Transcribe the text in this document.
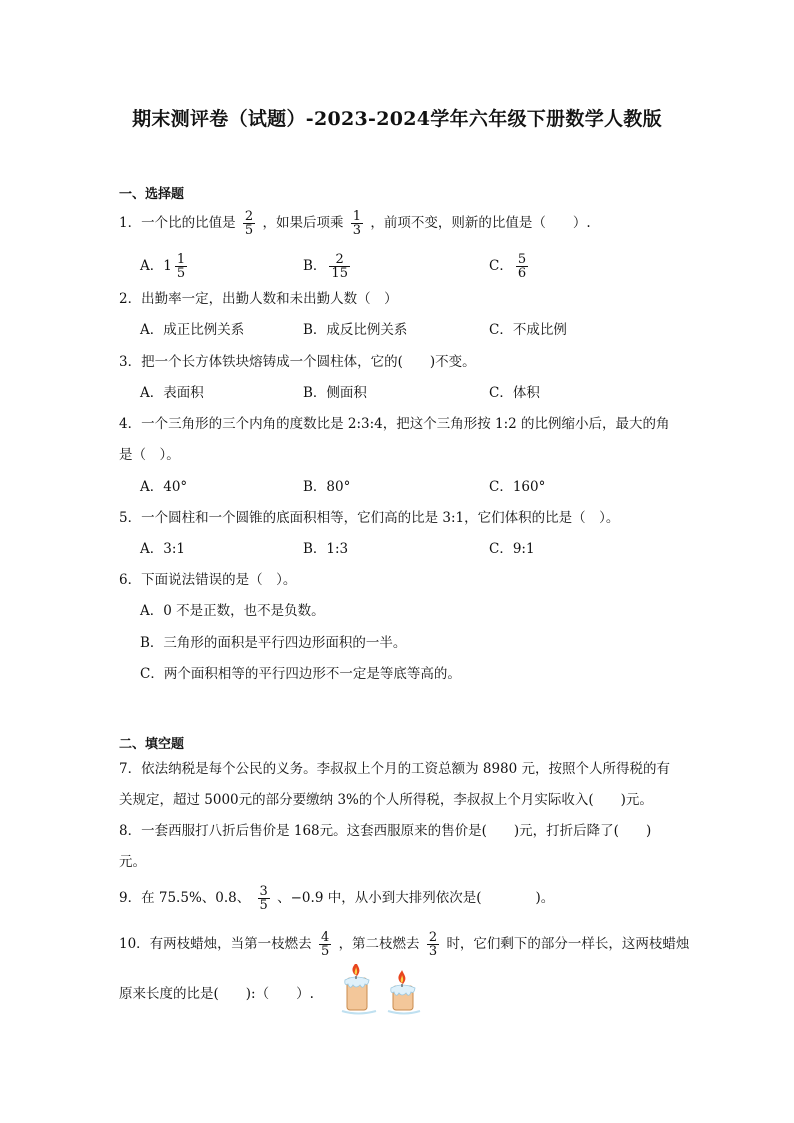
期末测评卷（试题）-2023-2024学年六年级下册数学人教版
一、选择题
1．一个比的比值是 $\frac{2}{5}$ ，如果后项乘 $\frac{1}{3}$ ，前项不变，则新的比值是（　　）.
A．$1 \frac{1}{5}$	B． $\frac{2}{15}$	C． $\frac{5}{6}$
2．出勤率一定，出勤人数和未出勤人数（　）
A．成正比例关系	B．成反比例关系	C．不成比例
3．把一个长方体铁块熔铸成一个圆柱体，它的(　　)不变。
A．表面积	B．侧面积	C．体积
4．一个三角形的三个内角的度数比是 2:3:4，把这个三角形按 1:2 的比例缩小后，最大的角
是（　）。
A．40°	B．80°	C．160°
5．一个圆柱和一个圆锥的底面积相等，它们高的比是 3:1，它们体积的比是（　）。
A．3:1	B．1:3	C．9:1
6．下面说法错误的是（　）。
A．0 不是正数，也不是负数。
B．三角形的面积是平行四边形面积的一半。
C．两个面积相等的平行四边形不一定是等底等高的。
二、填空题
7．依法纳税是每个公民的义务。李叔叔上个月的工资总额为 8980 元，按照个人所得税的有
关规定，超过 5000元的部分要缴纳 3%的个人所得税，李叔叔上个月实际收入(　　)元。
8．一套西服打八折后售价是 168元。这套西服原来的售价是(　　)元，打折后降了(　　)
元。
9．在 75.5%、0.8、 $\frac{3}{5}$ 、−0.9 中，从小到大排列依次是(　　　　)。
10．有两枝蜡烛，当第一枝燃去 $\frac{4}{5}$ ，第二枝燃去 $\frac{2}{3}$ 时，它们剩下的部分一样长，这两枝蜡烛
原来长度的比是(　　):（　　）.
